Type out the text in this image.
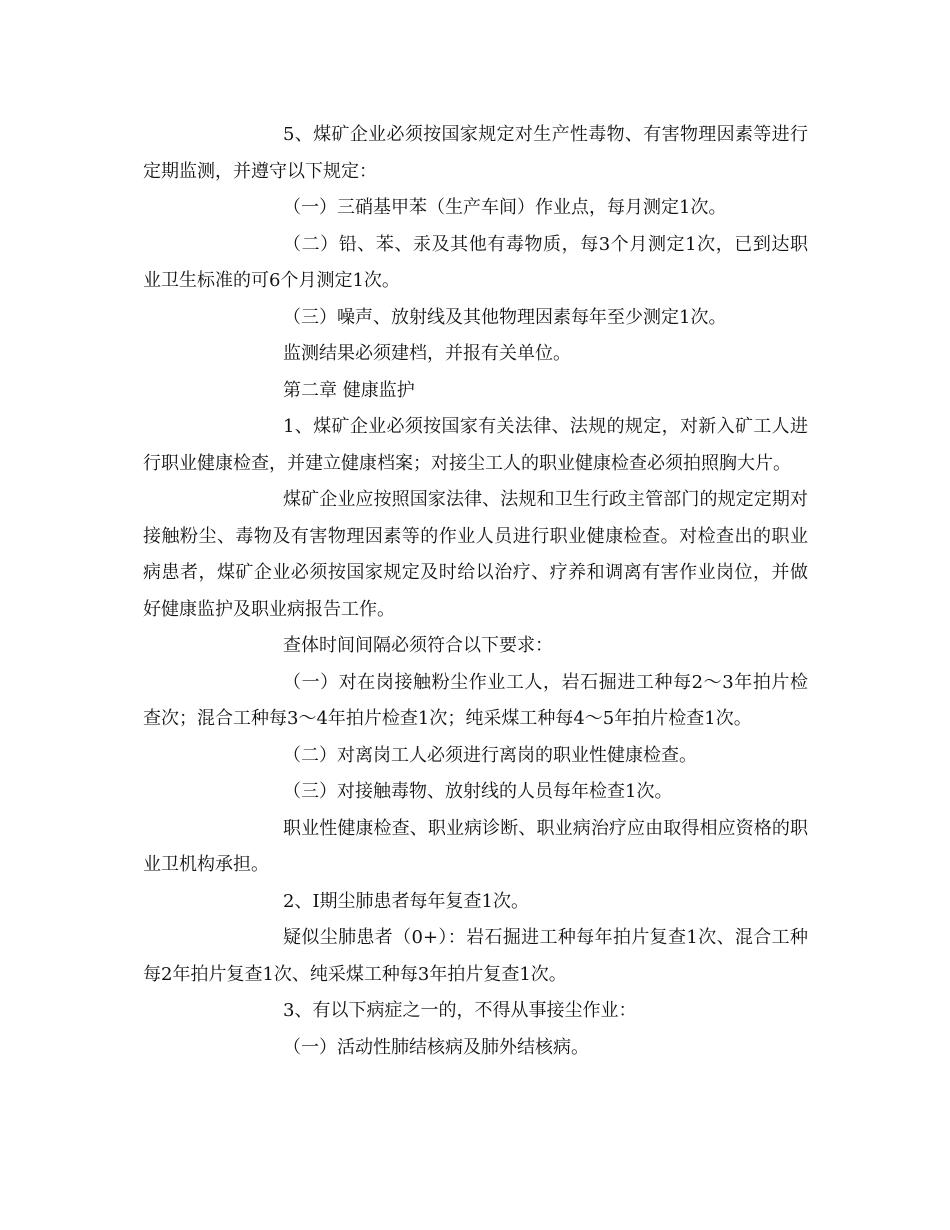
5、煤矿企业必须按国家规定对生产性毒物、有害物理因素等进行定期监测，并遵守以下规定：

（一）三硝基甲苯（生产车间）作业点，每月测定1次。

（二）铅、苯、汞及其他有毒物质，每3个月测定1次，已到达职业卫生标准的可6个月测定1次。

（三）噪声、放射线及其他物理因素每年至少测定1次。

监测结果必须建档，并报有关单位。

第二章 健康监护

1、煤矿企业必须按国家有关法律、法规的规定，对新入矿工人进行职业健康检查，并建立健康档案；对接尘工人的职业健康检查必须拍照胸大片。

煤矿企业应按照国家法律、法规和卫生行政主管部门的规定定期对接触粉尘、毒物及有害物理因素等的作业人员进行职业健康检查。对检查出的职业病患者，煤矿企业必须按国家规定及时给以治疗、疗养和调离有害作业岗位，并做好健康监护及职业病报告工作。

查体时间间隔必须符合以下要求：

（一）对在岗接触粉尘作业工人，岩石掘进工种每2～3年拍片检查次；混合工种每3～4年拍片检查1次；纯采煤工种每4～5年拍片检查1次。

（二）对离岗工人必须进行离岗的职业性健康检查。

（三）对接触毒物、放射线的人员每年检查1次。

职业性健康检查、职业病诊断、职业病治疗应由取得相应资格的职业卫机构承担。

2、I期尘肺患者每年复查1次。

疑似尘肺患者（0+）：岩石掘进工种每年拍片复查1次、混合工种每2年拍片复查1次、纯采煤工种每3年拍片复查1次。

3、有以下病症之一的，不得从事接尘作业：

（一）活动性肺结核病及肺外结核病。
